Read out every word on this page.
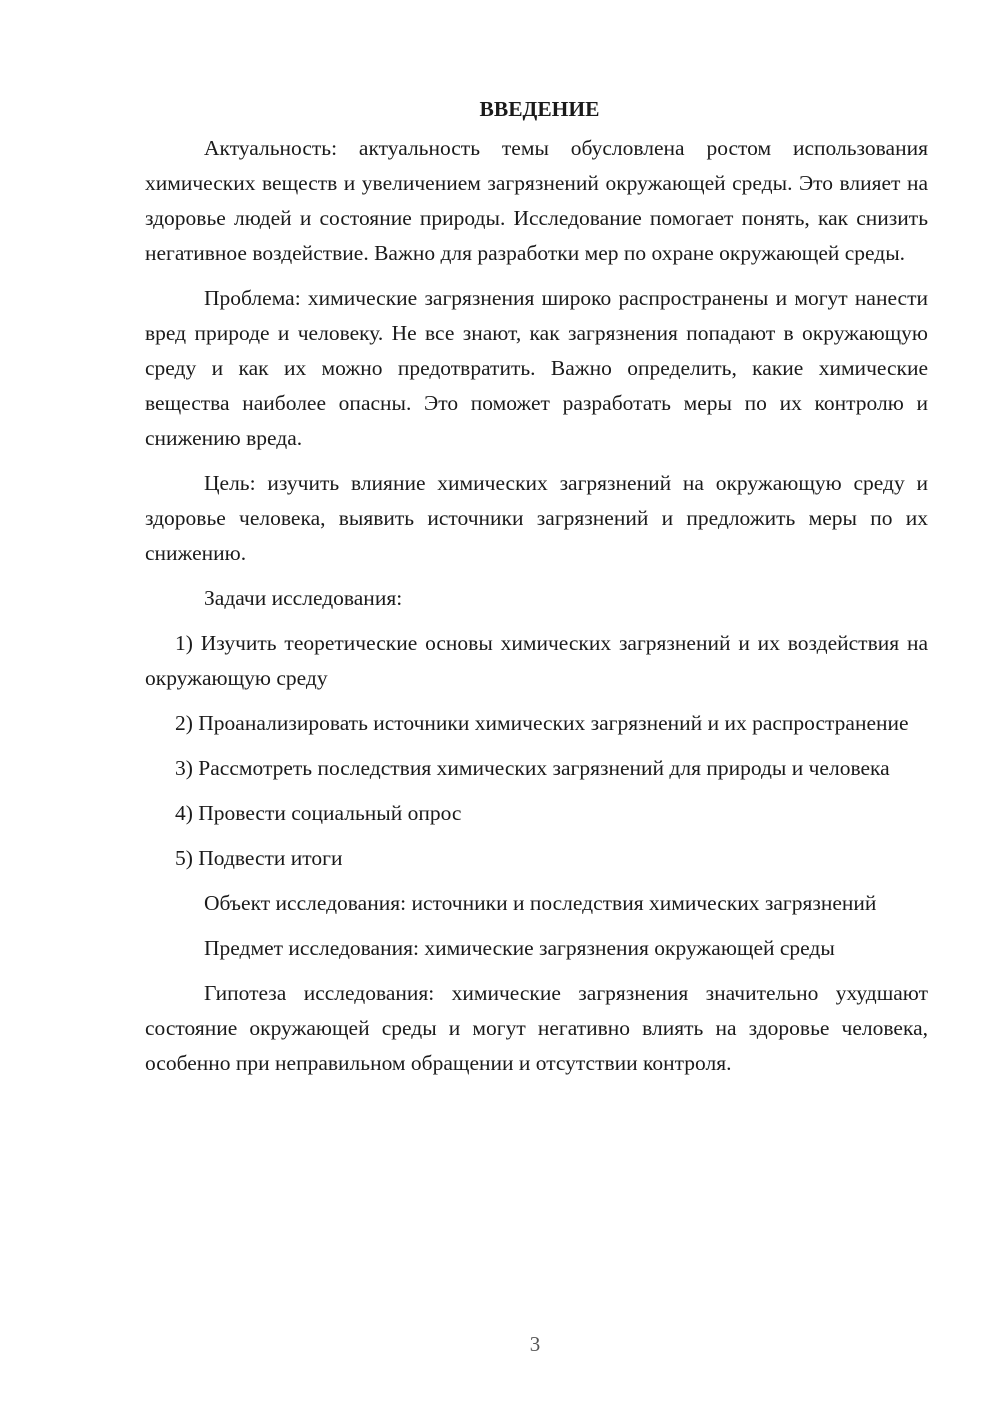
ВВЕДЕНИЕ

Актуальность: актуальность темы обусловлена ростом использования химических веществ и увеличением загрязнений окружающей среды. Это влияет на здоровье людей и состояние природы. Исследование помогает понять, как снизить негативное воздействие. Важно для разработки мер по охране окружающей среды.

Проблема: химические загрязнения широко распространены и могут нанести вред природе и человеку. Не все знают, как загрязнения попадают в окружающую среду и как их можно предотвратить. Важно определить, какие химические вещества наиболее опасны. Это поможет разработать меры по их контролю и снижению вреда.

Цель: изучить влияние химических загрязнений на окружающую среду и здоровье человека, выявить источники загрязнений и предложить меры по их снижению.

Задачи исследования:

1) Изучить теоретические основы химических загрязнений и их воздействия на окружающую среду

2) Проанализировать источники химических загрязнений и их распространение

3) Рассмотреть последствия химических загрязнений для природы и человека

4) Провести социальный опрос

5) Подвести итоги

Объект исследования: источники и последствия химических загрязнений

Предмет исследования: химические загрязнения окружающей среды

Гипотеза исследования: химические загрязнения значительно ухудшают состояние окружающей среды и могут негативно влиять на здоровье человека, особенно при неправильном обращении и отсутствии контроля.

3
